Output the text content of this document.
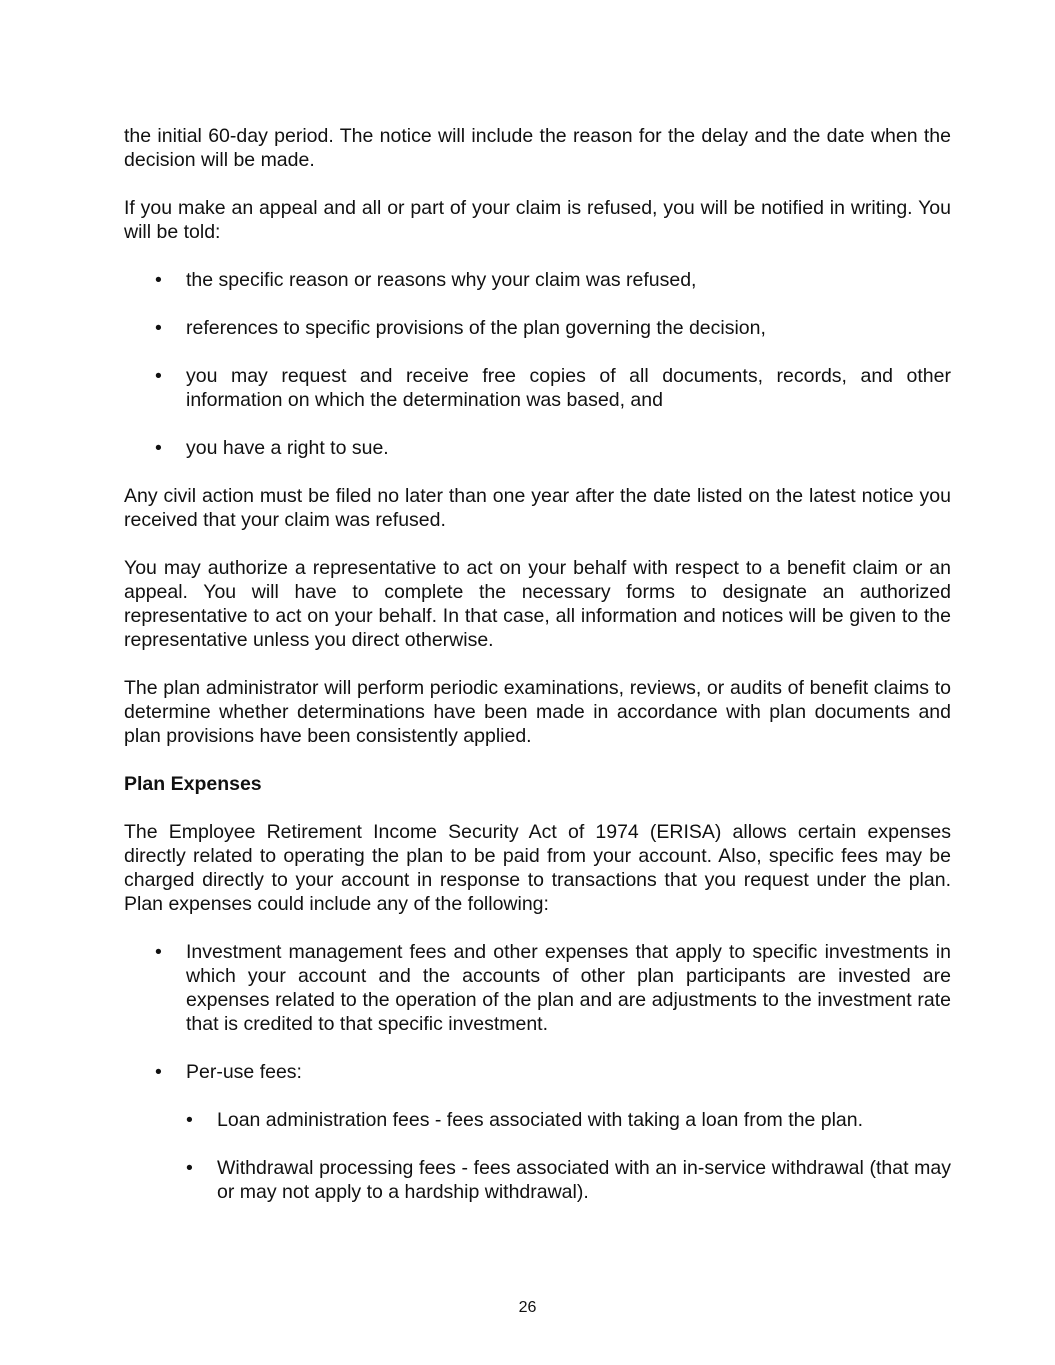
the initial 60-day period. The notice will include the reason for the delay and the date when the decision will be made.

If you make an appeal and all or part of your claim is refused, you will be notified in writing. You will be told:

• the specific reason or reasons why your claim was refused,
• references to specific provisions of the plan governing the decision,
• you may request and receive free copies of all documents, records, and other information on which the determination was based, and
• you have a right to sue.

Any civil action must be filed no later than one year after the date listed on the latest notice you received that your claim was refused.

You may authorize a representative to act on your behalf with respect to a benefit claim or an appeal. You will have to complete the necessary forms to designate an authorized representative to act on your behalf. In that case, all information and notices will be given to the representative unless you direct otherwise.

The plan administrator will perform periodic examinations, reviews, or audits of benefit claims to determine whether determinations have been made in accordance with plan documents and plan provisions have been consistently applied.

Plan Expenses

The Employee Retirement Income Security Act of 1974 (ERISA) allows certain expenses directly related to operating the plan to be paid from your account. Also, specific fees may be charged directly to your account in response to transactions that you request under the plan. Plan expenses could include any of the following:

• Investment management fees and other expenses that apply to specific investments in which your account and the accounts of other plan participants are invested are expenses related to the operation of the plan and are adjustments to the investment rate that is credited to that specific investment.
• Per-use fees:
• Loan administration fees - fees associated with taking a loan from the plan.
• Withdrawal processing fees - fees associated with an in-service withdrawal (that may or may not apply to a hardship withdrawal).
26
